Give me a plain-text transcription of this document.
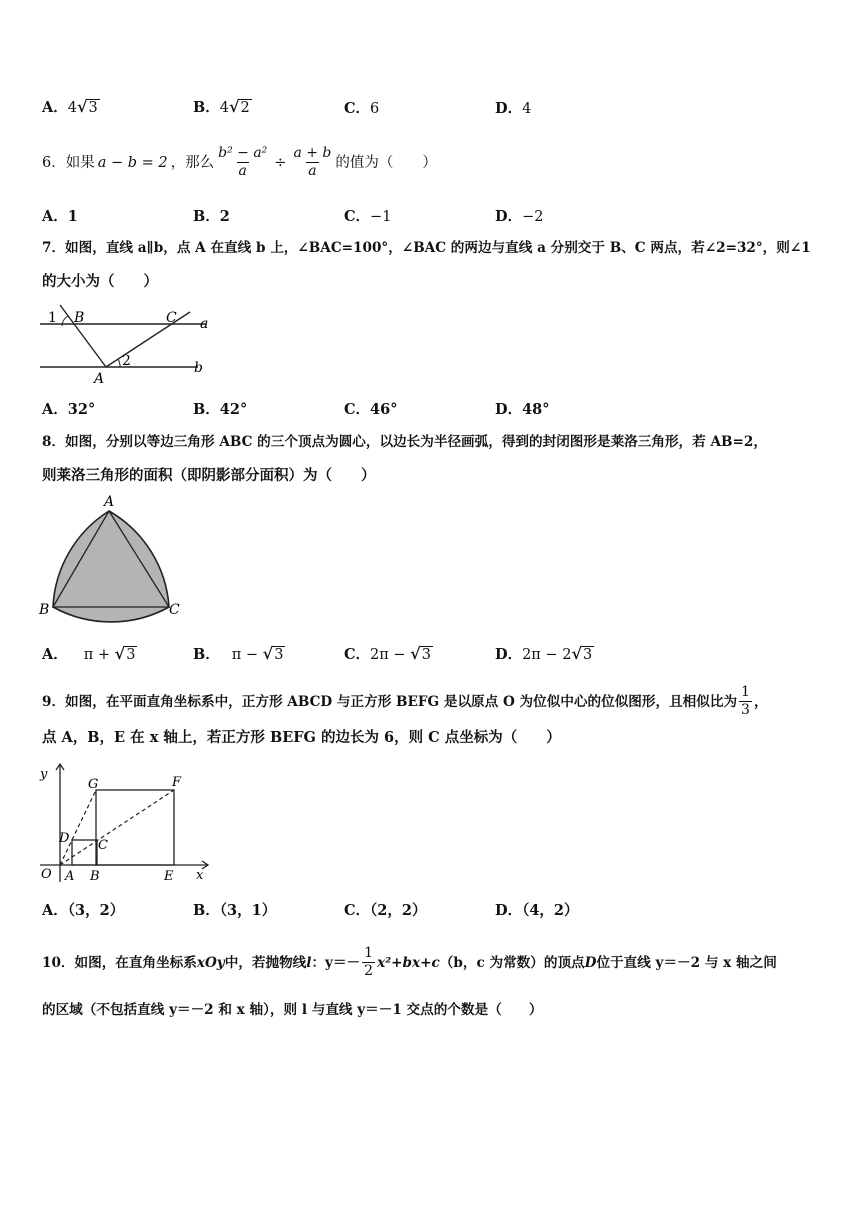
A．4√3	B．4√2	C．6	D．4
6．如果 a − b = 2 ，那么 $\frac{\text{b² − a²}}{a} \div \frac{a + b}{a}$ 的值为（　　）
A．1	B．2	C．−1	D．−2
7．如图，直线 a∥b，点 A 在直线 b 上，∠BAC=100°，∠BAC 的两边与直线 a 分别交于 B、C 两点，若∠2=32°，则∠1
的大小为（　　）
1 B	C a
2
A
b
A．32°	B．42°	C．46°	D．48°
8．如图，分别以等边三角形 ABC 的三个顶点为圆心，以边长为半径画弧，得到的封闭图形是莱洛三角形，若 AB=2，
则莱洛三角形的面积（即阴影部分面积）为（　　）
A
B	C
A． π + √3	B． π − √3	C．2π − √3	D．2π − 2√3
9．如图，在平面直角坐标系中，正方形 ABCD 与正方形 BEFG 是以原点 O 为位似中心的位似图形，且相似比为 $\frac{1}{3}$ ，
点 A，B，E 在 x 轴上，若正方形 BEFG 的边长为 6，则 C 点坐标为（　　）
y
G	F
D C
O A B	E x
A．（3，2）	B．（3，1）	C．（2，2）	D．（4，2）
10．如图，在直角坐标系 xOy 中，若抛物线 l ：$y=- \frac{1}{2} x^2+bx+c$ （b，c 为常数）的顶点 D 位于直线 y＝－2 与 x 轴之间
的区域（不包括直线 y＝－2 和 x 轴），则 l 与直线 y＝－1 交点的个数是（　　）
